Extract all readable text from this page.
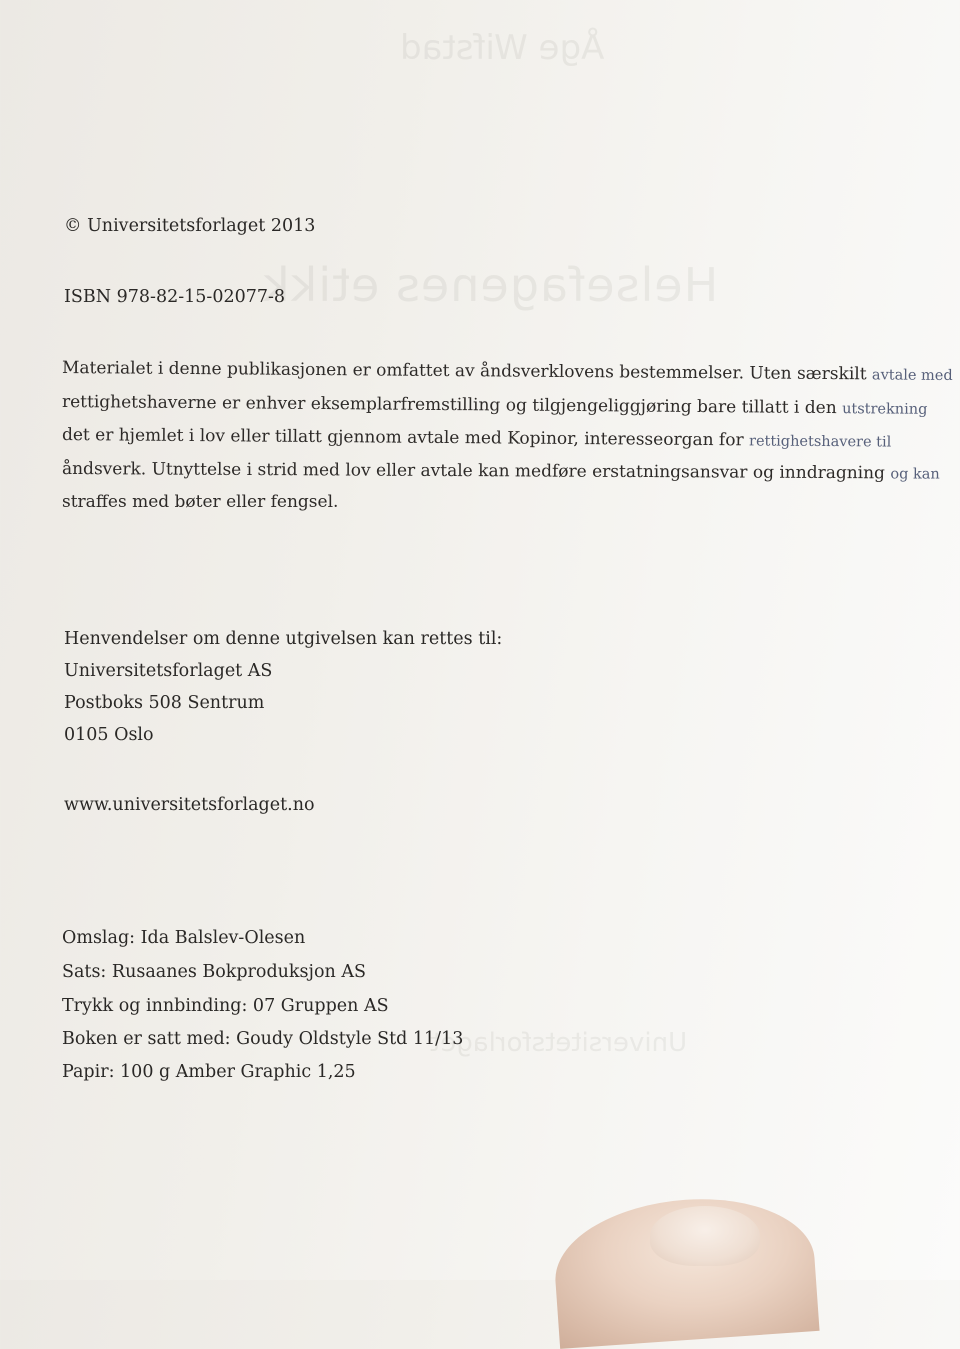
Åge Wifstad
Helsefagenes etikk
Universitetsforlaget
© Universitetsforlaget 2013
ISBN 978-82-15-02077-8
Materialet i denne publikasjonen er omfattet av åndsverklovens bestemmelser. Uten særskilt avtale med
rettighetshaverne er enhver eksemplarfremstilling og tilgjengeliggjøring bare tillatt i den utstrekning
det er hjemlet i lov eller tillatt gjennom avtale med Kopinor, interesseorgan for rettighetshavere til
åndsverk. Utnyttelse i strid med lov eller avtale kan medføre erstatningsansvar og inndragning og kan
straffes med bøter eller fengsel.
Henvendelser om denne utgivelsen kan rettes til:
Universitetsforlaget AS
Postboks 508 Sentrum
0105 Oslo
www.universitetsforlaget.no
Omslag: Ida Balslev-Olesen
Sats: Rusaanes Bokproduksjon AS
Trykk og innbinding: 07 Gruppen AS
Boken er satt med: Goudy Oldstyle Std 11/13
Papir: 100 g Amber Graphic 1,25
